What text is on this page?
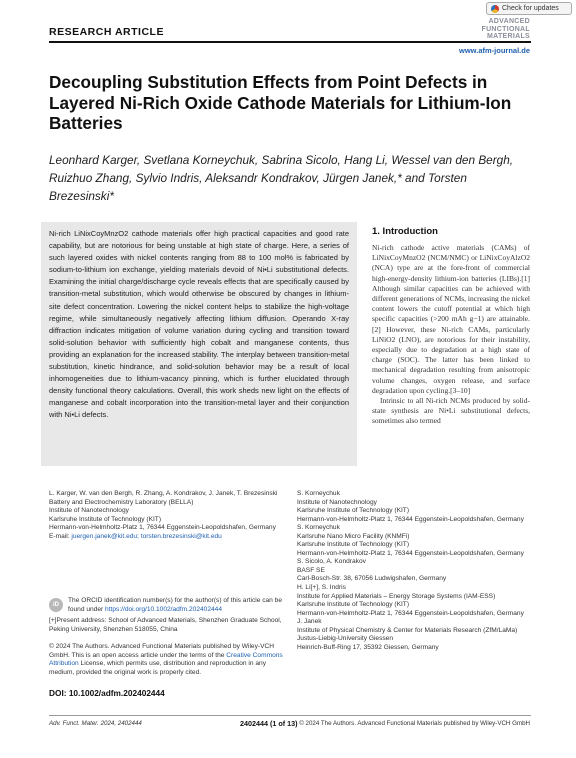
Check for updates
RESEARCH ARTICLE
ADVANCED
FUNCTIONAL
MATERIALS
www.afm-journal.de
Decoupling Substitution Effects from Point Defects in Layered Ni-Rich Oxide Cathode Materials for Lithium-Ion Batteries
Leonhard Karger, Svetlana Korneychuk, Sabrina Sicolo, Hang Li, Wessel van den Bergh, Ruizhuo Zhang, Sylvio Indris, Aleksandr Kondrakov, Jürgen Janek,* and Torsten Brezesinski*
Ni-rich LiNixCoyMnzO2 cathode materials offer high practical capacities and good rate capability, but are notorious for being unstable at high state of charge. Here, a series of such layered oxides with nickel contents ranging from 88 to 100 mol% is fabricated by sodium-to-lithium ion exchange, yielding materials devoid of Ni•Li substitutional defects. Examining the initial charge/discharge cycle reveals effects that are specifically caused by transition-metal substitution, which would otherwise be obscured by changes in lithium-site defect concentration. Lowering the nickel content helps to stabilize the high-voltage regime, while simultaneously negatively affecting lithium diffusion. Operando X-ray diffraction indicates mitigation of volume variation during cycling and transition toward solid-solution behavior with sufficiently high cobalt and manganese contents, thus providing an explanation for the increased stability. The interplay between transition-metal substitution, kinetic hindrance, and solid-solution behavior may be a result of local inhomogeneities due to lithium-vacancy pinning, which is further elucidated through density functional theory calculations. Overall, this work sheds new light on the effects of manganese and cobalt incorporation into the transition-metal layer and their conjunction with Ni•Li defects.
1. Introduction

Ni-rich cathode active materials (CAMs) of LiNixCoyMnzO2 (NCM/NMC) or LiNixCoyAlzO2 (NCA) type are at the fore-front of commercial high-energy-density lithium-ion batteries (LIBs).[1] Although similar capacities can be achieved with different generations of NCMs, increasing the nickel content lowers the cutoff potential at which high specific capacities (>200 mAh g−1) are attainable.[2] However, these Ni-rich CAMs, particularly LiNiO2 (LNO), are notorious for their instability, especially due to degradation at a high state of charge (SOC). The latter has been linked to mechanical degradation resulting from anisotropic volume changes, oxygen release, and surface degradation upon cycling.[3–10]

Intrinsic to all Ni-rich NCMs produced by solid-state synthesis are Ni•Li substitutional defects, sometimes also termed

L. Karger, W. van den Bergh, R. Zhang, A. Kondrakov, J. Janek, T. Brezesinski

Battery and Electrochemistry Laboratory (BELLA)

Institute of Nanotechnology

Karlsruhe Institute of Technology (KIT)

Hermann-von-Helmholtz-Platz 1, 76344 Eggenstein-Leopoldshafen, Germany

E-mail: juergen.janek@kit.edu; torsten.brezesinski@kit.edu

iD
The ORCID identification number(s) for the author(s) of this article can be found under https://doi.org/10.1002/adfm.202402444
[+]Present address: School of Advanced Materials, Shenzhen Graduate School, Peking University, Shenzhen 518055, China
© 2024 The Authors. Advanced Functional Materials published by Wiley-VCH GmbH. This is an open access article under the terms of the Creative Commons Attribution License, which permits use, distribution and reproduction in any medium, provided the original work is properly cited.
DOI: 10.1002/adfm.202402444

S. Korneychuk

Institute of Nanotechnology

Karlsruhe Institute of Technology (KIT)

Hermann-von-Helmholtz-Platz 1, 76344 Eggenstein-Leopoldshafen, Germany

S. Korneychuk

Karlsruhe Nano Micro Facility (KNMFi)

Karlsruhe Institute of Technology (KIT)

Hermann-von-Helmholtz-Platz 1, 76344 Eggenstein-Leopoldshafen, Germany

S. Sicolo, A. Kondrakov

BASF SE

Carl-Bosch-Str. 38, 67056 Ludwigshafen, Germany

H. Li[+], S. Indris

Institute for Applied Materials – Energy Storage Systems (IAM-ESS)

Karlsruhe Institute of Technology (KIT)

Hermann-von-Helmholtz-Platz 1, 76344 Eggenstein-Leopoldshafen, Germany

J. Janek

Institute of Physical Chemistry & Center for Materials Research (ZfM/LaMa)

Justus-Liebig-University Giessen

Heinrich-Buff-Ring 17, 35392 Giessen, Germany

Adv. Funct. Mater. 2024, 2402444	2402444 (1 of 13) © 2024 The Authors. Advanced Functional Materials published by Wiley-VCH GmbH
